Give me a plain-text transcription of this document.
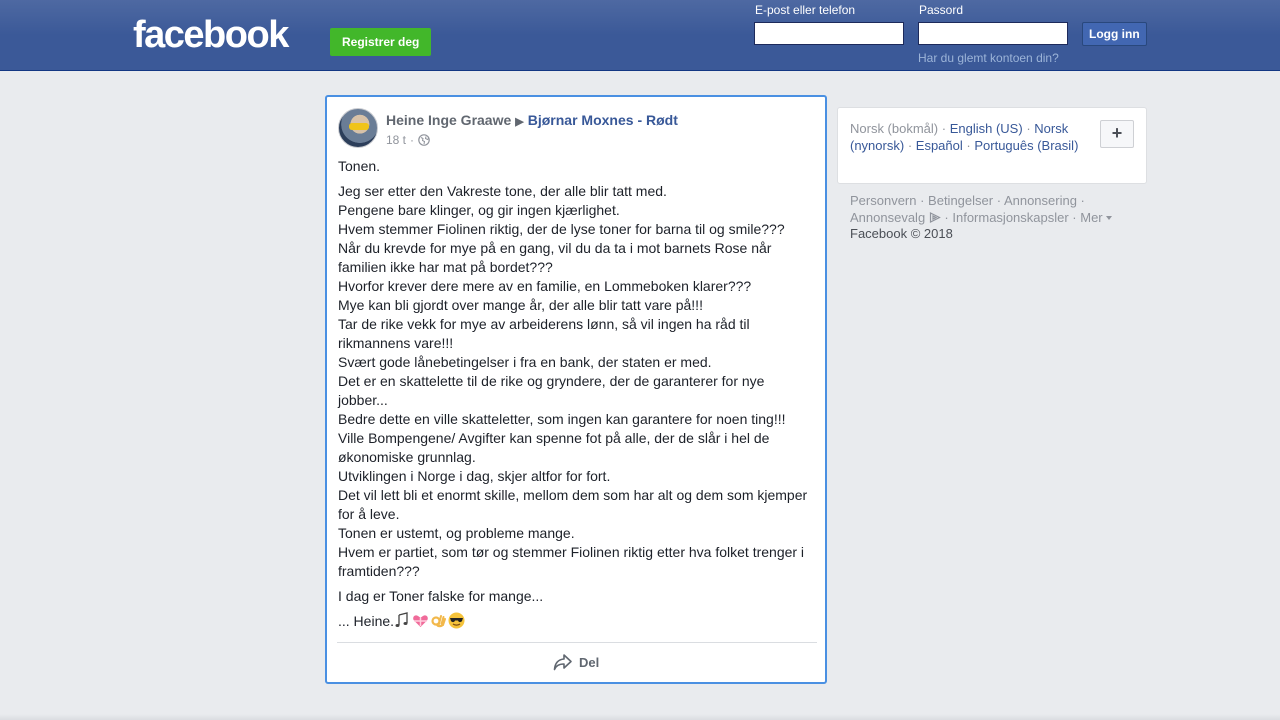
facebook	Registrer deg
E-post eller telefon	Passord
Logg inn
Har du glemt kontoen din?
Heine Inge Graawe ▶ Bjørnar Moxnes - Rødt
18 t ·
Tonen.
Jeg ser etter den Vakreste tone, der alle blir tatt med.
Pengene bare klinger, og gir ingen kjærlighet.
Hvem stemmer Fiolinen riktig, der de lyse toner for barna til og smile???
Når du krevde for mye på en gang, vil du da ta i mot barnets Rose når familien ikke har mat på bordet???
Hvorfor krever dere mere av en familie, en Lommeboken klarer???
Mye kan bli gjordt over mange år, der alle blir tatt vare på!!!
Tar de rike vekk for mye av arbeiderens lønn, så vil ingen ha råd til rikmannens vare!!!
Svært gode lånebetingelser i fra en bank, der staten er med.
Det er en skattelette til de rike og gryndere, der de garanterer for nye jobber...
Bedre dette en ville skatteletter, som ingen kan garantere for noen ting!!!
Ville Bompengene/ Avgifter kan spenne fot på alle, der de slår i hel de økonomiske grunnlag.
Utviklingen i Norge i dag, skjer altfor for fort.
Det vil lett bli et enormt skille, mellom dem som har alt og dem som kjemper for å leve.
Tonen er ustemt, og probleme mange.
Hvem er partiet, som tør og stemmer Fiolinen riktig etter hva folket trenger i framtiden???
I dag er Toner falske for mange...
... Heine.
Del
Norsk (bokmål) · English (US) · Norsk (nynorsk) · Español · Português (Brasil)
+
Personvern · Betingelser · Annonsering · Annonsevalg  · Informasjonskapsler · Mer
Facebook © 2018
